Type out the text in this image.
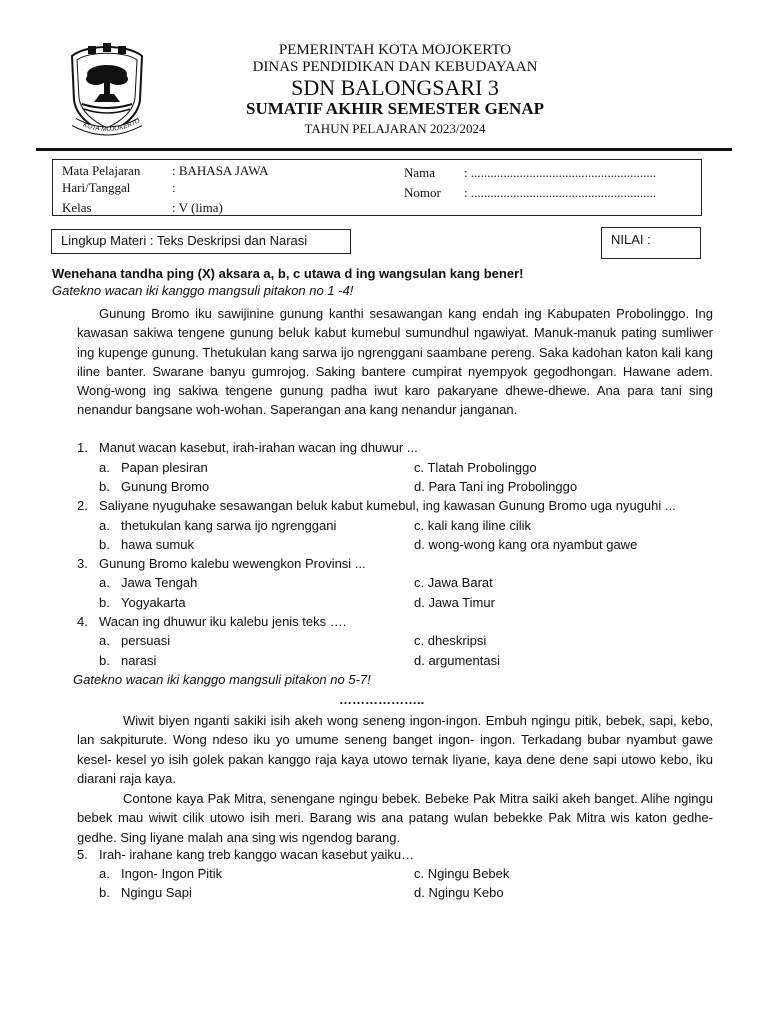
KOTA MOJOKERTO
PEMERINTAH KOTA MOJOKERTO
DINAS PENDIDIKAN DAN KEBUDAYAAN
SDN BALONGSARI 3
SUMATIF AKHIR SEMESTER GENAP
TAHUN PELAJARAN 2023/2024
Mata Pelajaran : BAHASA JAWA
Hari/Tanggal	:
Kelas	: V (lima)
Nama : .........................................................
Nomor : .........................................................
Lingkup Materi : Teks Deskripsi dan Narasi	NILAI :
Wenehana tandha ping (X) aksara a, b, c utawa d ing wangsulan kang bener!
Gatekno wacan iki kanggo mangsuli pitakon no 1 -4!

Gunung Bromo iku sawijinine gunung kanthi sesawangan kang endah ing Kabupaten Probolinggo. Ing kawasan sakiwa tengene gunung beluk kabut kumebul sumundhul ngawiyat. Manuk-manuk pating sumliwer ing kupenge gunung. Thetukulan kang sarwa ijo ngrenggani saambane pereng. Saka kadohan katon kali kang iline banter. Swarane banyu gumrojog. Saking bantere cumpirat nyempyok gegodhongan. Hawane adem. Wong-wong ing sakiwa tengene gunung padha iwut karo pakaryane dhewe-dhewe. Ana para tani sing nenandur bangsane woh-wohan. Saperangan ana kang nenandur janganan.

1. Manut wacan kasebut, irah-irahan wacan ing dhuwur ...
a. Papan plesiran	c. Tlatah Probolinggo
b. Gunung Bromo	d. Para Tani ing Probolinggo
2. Saliyane nyuguhake sesawangan beluk kabut kumebul, ing kawasan Gunung Bromo uga nyuguhi ...
a. thetukulan kang sarwa ijo ngrenggani	c. kali kang iline cilik
b. hawa sumuk	d. wong-wong kang ora nyambut gawe
3. Gunung Bromo kalebu wewengkon Provinsi ...
a. Jawa Tengah	c. Jawa Barat
b. Yogyakarta	d. Jawa Timur
4. Wacan ing dhuwur iku kalebu jenis teks ….
a. persuasi	c. dheskripsi
b. narasi	d. argumentasi
Gatekno wacan iki kanggo mangsuli pitakon no 5-7!
………………..

Wiwit biyen nganti sakiki isih akeh wong seneng ingon-ingon. Embuh ngingu pitik, bebek, sapi, kebo, lan sakpiturute. Wong ndeso iku yo umume seneng banget ingon- ingon. Terkadang bubar nyambut gawe kesel- kesel yo isih golek pakan kanggo raja kaya utowo ternak liyane, kaya dene dene sapi utowo kebo, iku diarani raja kaya.

Contone kaya Pak Mitra, senengane ngingu bebek. Bebeke Pak Mitra saiki akeh banget. Alihe ngingu bebek mau wiwit cilik utowo isih meri. Barang wis ana patang wulan bebekke Pak Mitra wis katon gedhe- gedhe. Sing liyane malah ana sing wis ngendog barang.

5. Irah- irahane kang treb kanggo wacan kasebut yaiku…
a. Ingon- Ingon Pitik	c. Ngingu Bebek
b. Ngingu Sapi	d. Ngingu Kebo
